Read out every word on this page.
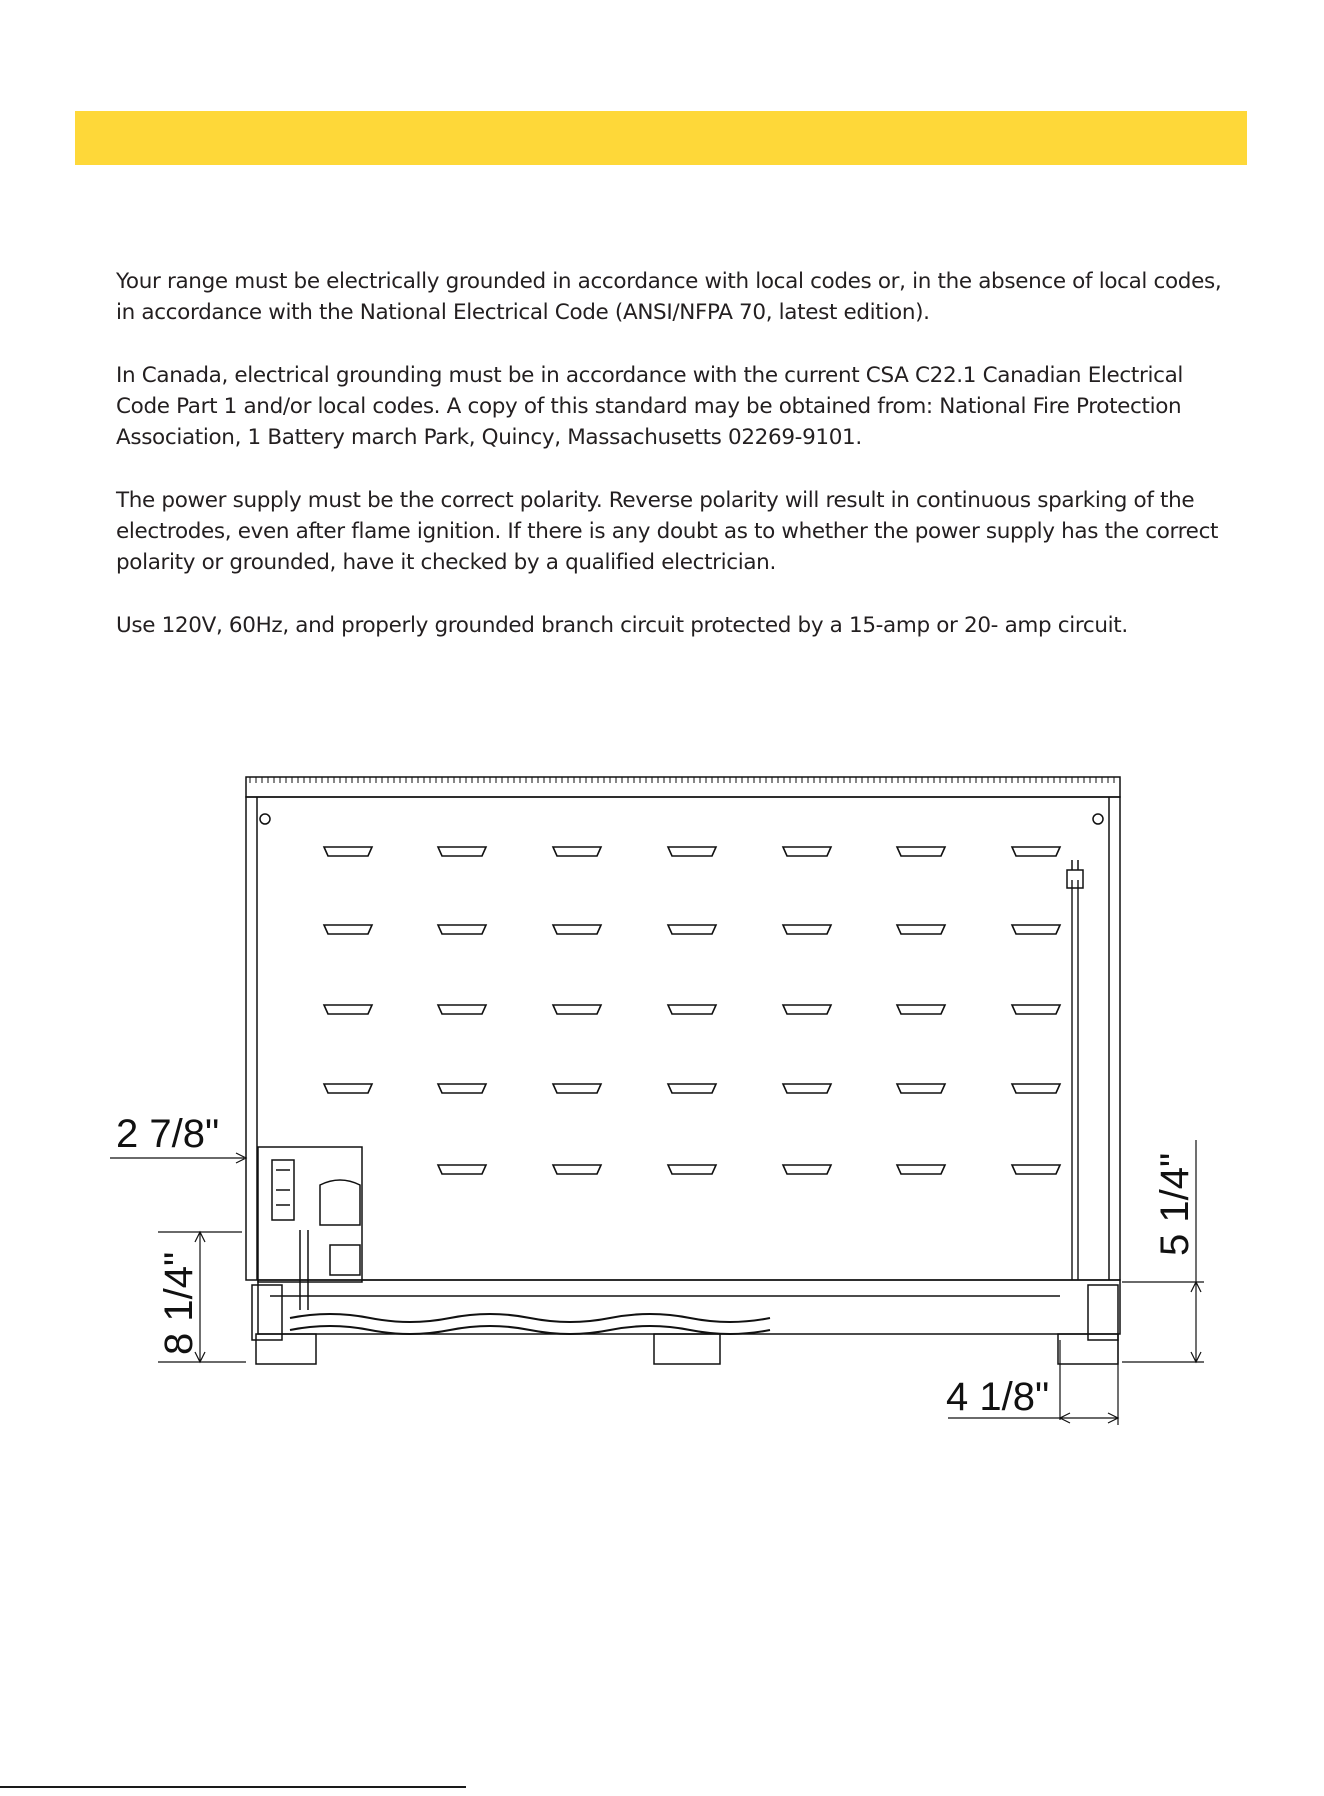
Your range must be electrically grounded in accordance with local codes or, in the absence of local codes, in accordance with the National Electrical Code (ANSI/NFPA 70, latest edition).

In Canada, electrical grounding must be in accordance with the current CSA C22.1 Canadian Electrical Code Part 1 and/or local codes. A copy of this standard may be obtained from: National Fire Protection Association, 1 Battery march Park, Quincy, Massachusetts 02269-9101.

The power supply must be the correct polarity. Reverse polarity will result in continuous sparking of the electrodes, even after flame ignition. If there is any doubt as to whether the power supply has the correct polarity or grounded, have it checked by a qualified electrician.

Use 120V, 60Hz, and properly grounded branch circuit protected by a 15-amp or 20- amp circuit.

2 7/8"
8 1/4"
5 1/4"
4 1/8"
